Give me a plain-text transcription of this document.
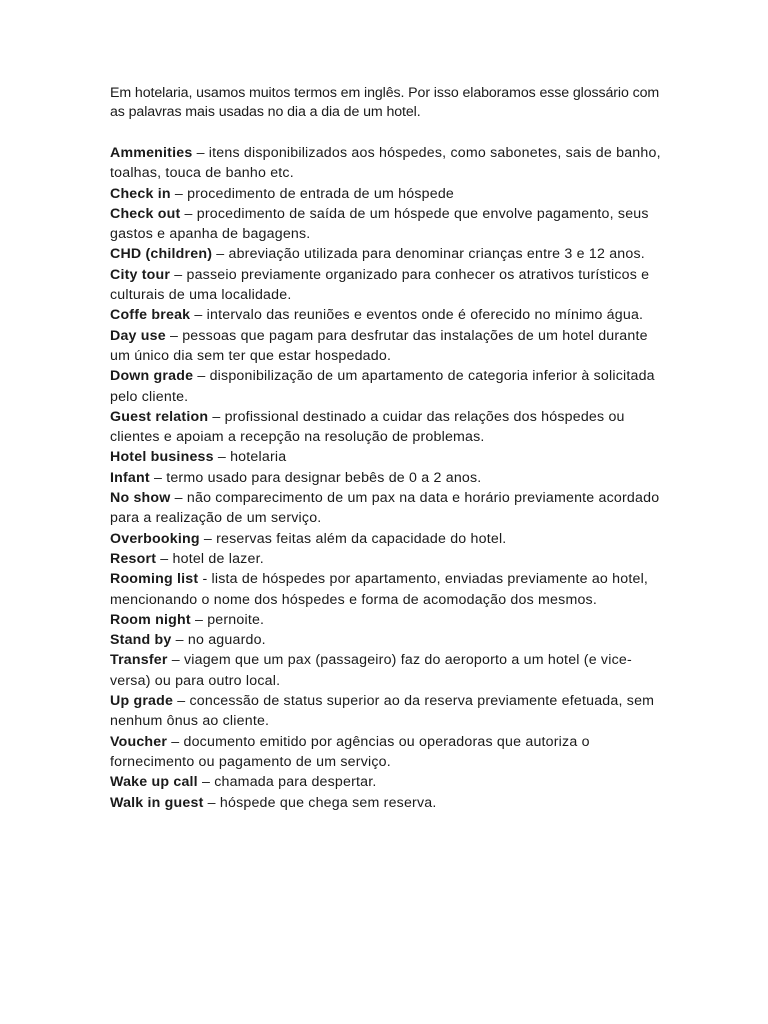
Em hotelaria, usamos muitos termos em inglês. Por isso elaboramos esse glossário com as palavras mais usadas no dia a dia de um hotel.

Ammenities – itens disponibilizados aos hóspedes, como sabonetes, sais de banho, toalhas, touca de banho etc.

Check in – procedimento de entrada de um hóspede

Check out – procedimento de saída de um hóspede que envolve pagamento, seus gastos e apanha de bagagens.

CHD (children) – abreviação utilizada para denominar crianças entre 3 e 12 anos.

City tour – passeio previamente organizado para conhecer os atrativos turísticos e culturais de uma localidade.

Coffe break – intervalo das reuniões e eventos onde é oferecido no mínimo água.

Day use – pessoas que pagam para desfrutar das instalações de um hotel durante um único dia sem ter que estar hospedado.

Down grade – disponibilização de um apartamento de categoria inferior à solicitada pelo cliente.

Guest relation – profissional destinado a cuidar das relações dos hóspedes ou clientes e apoiam a recepção na resolução de problemas.

Hotel business – hotelaria

Infant – termo usado para designar bebês de 0 a 2 anos.

No show – não comparecimento de um pax na data e horário previamente acordado para a realização de um serviço.

Overbooking – reservas feitas além da capacidade do hotel.

Resort – hotel de lazer.

Rooming list - lista de hóspedes por apartamento, enviadas previamente ao hotel, mencionando o nome dos hóspedes e forma de acomodação dos mesmos.

Room night – pernoite.

Stand by – no aguardo.

Transfer – viagem que um pax (passageiro) faz do aeroporto a um hotel (e vice-versa) ou para outro local.

Up grade – concessão de status superior ao da reserva previamente efetuada, sem nenhum ônus ao cliente.

Voucher – documento emitido por agências ou operadoras que autoriza o fornecimento ou pagamento de um serviço.

Wake up call – chamada para despertar.

Walk in guest – hóspede que chega sem reserva.
